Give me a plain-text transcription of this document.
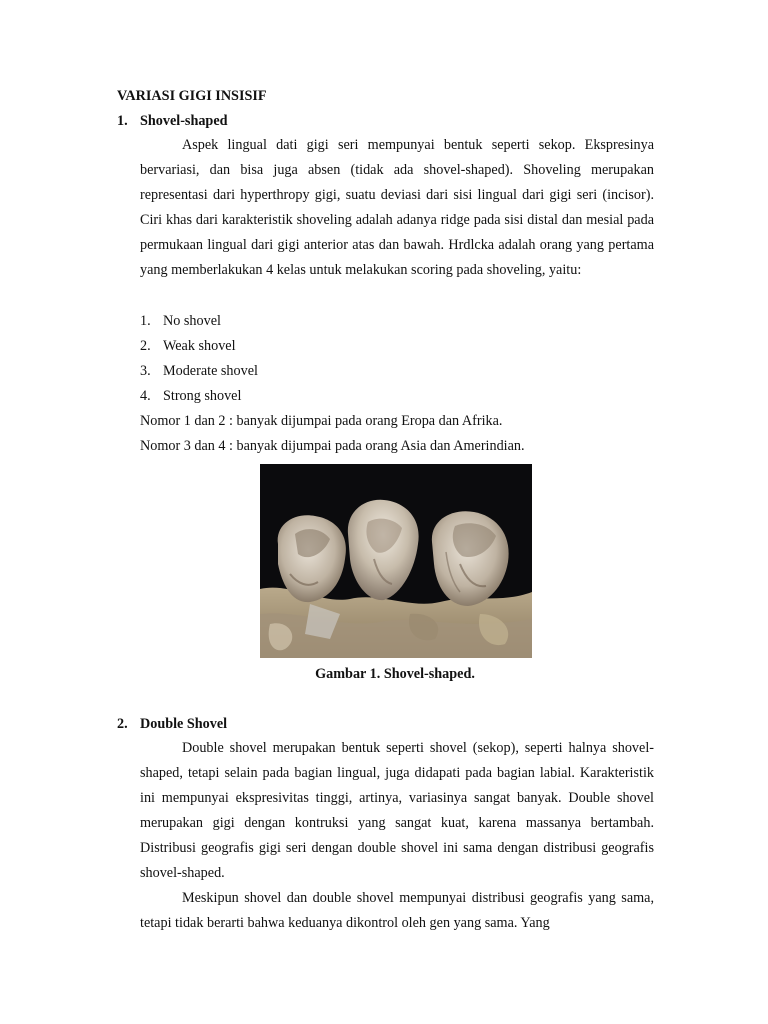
VARIASI GIGI INSISIF
1. Shovel-shaped

Aspek lingual dati gigi seri mempunyai bentuk seperti sekop. Ekspresinya bervariasi, dan bisa juga absen (tidak ada shovel-shaped). Shoveling merupakan representasi dari hyperthropy gigi, suatu deviasi dari sisi lingual dari gigi seri (incisor). Ciri khas dari karakteristik shoveling adalah adanya ridge pada sisi distal dan mesial pada permukaan lingual dari gigi anterior atas dan bawah. Hrdlcka adalah orang yang pertama yang memberlakukan 4 kelas untuk melakukan scoring pada shoveling, yaitu:

1. No shovel
2. Weak shovel
3. Moderate shovel
4. Strong shovel
Nomor 1 dan 2 : banyak dijumpai pada orang Eropa dan Afrika.
Nomor 3 dan 4 : banyak dijumpai pada orang Asia dan Amerindian.
Gambar 1. Shovel-shaped.
2. Double Shovel

Double shovel merupakan bentuk seperti shovel (sekop), seperti halnya shovel-shaped, tetapi selain pada bagian lingual, juga didapati pada bagian labial. Karakteristik ini mempunyai ekspresivitas tinggi, artinya, variasinya sangat banyak. Double shovel merupakan gigi dengan kontruksi yang sangat kuat, karena massanya bertambah. Distribusi geografis gigi seri dengan double shovel ini sama dengan distribusi geografis shovel-shaped.

Meskipun shovel dan double shovel mempunyai distribusi geografis yang sama, tetapi tidak berarti bahwa keduanya dikontrol oleh gen yang sama. Yang
